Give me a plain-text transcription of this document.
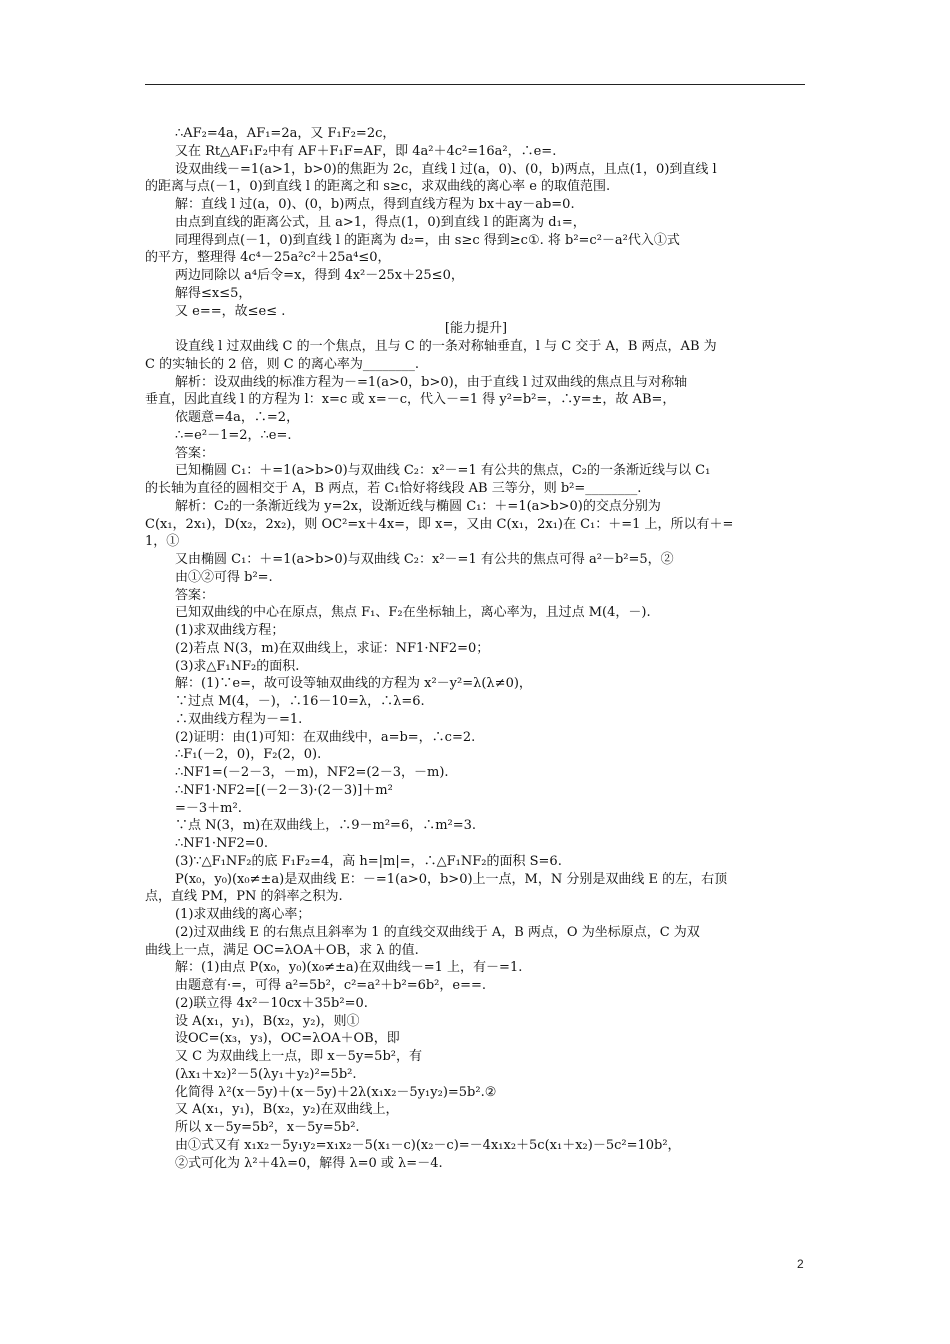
∴AF₂=4a，AF₁=2a，又 F₁F₂=2c，
又在 Rt△AF₁F₂中有 AF＋F₁F=AF，即 4a²＋4c²=16a²，∴e=.
设双曲线－=1(a>1，b>0)的焦距为 2c，直线 l 过(a，0)、(0，b)两点，且点(1，0)到直线 l
的距离与点(－1，0)到直线 l 的距离之和 s≥c，求双曲线的离心率 e 的取值范围.
解：直线 l 过(a，0)、(0，b)两点，得到直线方程为 bx＋ay－ab=0.
由点到直线的距离公式，且 a>1，得点(1，0)到直线 l 的距离为 d₁=，
同理得到点(－1，0)到直线 l 的距离为 d₂=，由 s≥c 得到≥c①. 将 b²=c²－a²代入①式
的平方，整理得 4c⁴－25a²c²＋25a⁴≤0，
两边同除以 a⁴后令=x，得到 4x²－25x＋25≤0，
解得≤x≤5，
又 e==，故≤e≤ .
[能力提升]
设直线 l 过双曲线 C 的一个焦点，且与 C 的一条对称轴垂直，l 与 C 交于 A，B 两点，AB 为
C 的实轴长的 2 倍，则 C 的离心率为________.
解析：设双曲线的标准方程为－=1(a>0，b>0)，由于直线 l 过双曲线的焦点且与对称轴
垂直，因此直线 l 的方程为 l：x=c 或 x=－c，代入－=1 得 y²=b²=，∴y=±，故 AB=，
依题意=4a，∴=2，
∴=e²－1=2，∴e=.
答案：
已知椭圆 C₁：＋=1(a>b>0)与双曲线 C₂：x²－=1 有公共的焦点，C₂的一条渐近线与以 C₁
的长轴为直径的圆相交于 A，B 两点，若 C₁恰好将线段 AB 三等分，则 b²=________.
解析：C₂的一条渐近线为 y=2x，设渐近线与椭圆 C₁：＋=1(a>b>0)的交点分别为
C(x₁，2x₁)，D(x₂，2x₂)，则 OC²=x＋4x=，即 x=，又由 C(x₁，2x₁)在 C₁：＋=1 上，所以有＋=
1，①
又由椭圆 C₁：＋=1(a>b>0)与双曲线 C₂：x²－=1 有公共的焦点可得 a²－b²=5，②
由①②可得 b²=.
答案：
已知双曲线的中心在原点，焦点 F₁、F₂在坐标轴上，离心率为，且过点 M(4，－).
(1)求双曲线方程；
(2)若点 N(3，m)在双曲线上，求证：NF1·NF2=0；
(3)求△F₁NF₂的面积.
解：(1)∵e=，故可设等轴双曲线的方程为 x²－y²=λ(λ≠0)，
∵过点 M(4，－)，∴16－10=λ，∴λ=6.
∴双曲线方程为－=1.
(2)证明：由(1)可知：在双曲线中，a=b=，∴c=2.
∴F₁(－2，0)，F₂(2，0).
∴NF1=(－2－3，－m)，NF2=(2－3，－m).
∴NF1·NF2=[(－2－3)·(2－3)]＋m²
=－3＋m².
∵点 N(3，m)在双曲线上，∴9－m²=6，∴m²=3.
∴NF1·NF2=0.
(3)∵△F₁NF₂的底 F₁F₂=4，高 h=|m|=，∴△F₁NF₂的面积 S=6.
P(x₀，y₀)(x₀≠±a)是双曲线 E：－=1(a>0，b>0)上一点，M，N 分别是双曲线 E 的左，右顶
点，直线 PM，PN 的斜率之积为.
(1)求双曲线的离心率；
(2)过双曲线 E 的右焦点且斜率为 1 的直线交双曲线于 A，B 两点，O 为坐标原点，C 为双
曲线上一点，满足 OC=λOA＋OB，求 λ 的值.
解：(1)由点 P(x₀，y₀)(x₀≠±a)在双曲线－=1 上，有－=1.
由题意有·=，可得 a²=5b²，c²=a²＋b²=6b²，e==.
(2)联立得 4x²－10cx＋35b²=0.
设 A(x₁，y₁)，B(x₂，y₂)，则①
设OC=(x₃，y₃)，OC=λOA＋OB，即
又 C 为双曲线上一点，即 x－5y=5b²，有
(λx₁＋x₂)²－5(λy₁＋y₂)²=5b².
化简得 λ²(x－5y)＋(x－5y)＋2λ(x₁x₂－5y₁y₂)=5b².②
又 A(x₁，y₁)，B(x₂，y₂)在双曲线上，
所以 x－5y=5b²，x－5y=5b².
由①式又有 x₁x₂－5y₁y₂=x₁x₂－5(x₁－c)(x₂－c)=－4x₁x₂＋5c(x₁＋x₂)－5c²=10b²，
②式可化为 λ²＋4λ=0，解得 λ=0 或 λ=－4.
2
